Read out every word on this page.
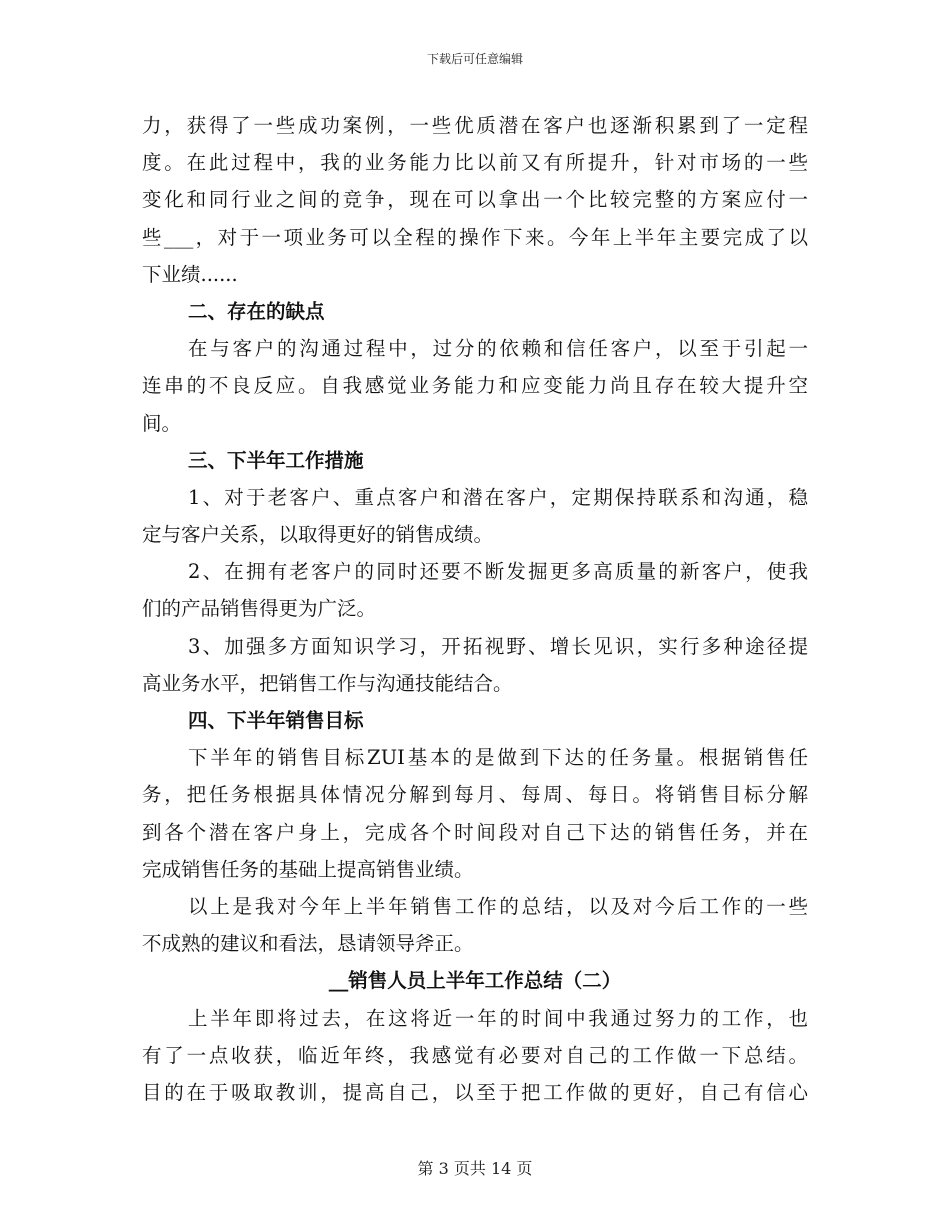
下载后可任意编辑
力，获得了一些成功案例，一些优质潜在客户也逐渐积累到了一定程
度。在此过程中，我的业务能力比以前又有所提升，针对市场的一些
变化和同行业之间的竞争，现在可以拿出一个比较完整的方案应付一
些___，对于一项业务可以全程的操作下来。今年上半年主要完成了以
下业绩......
二、存在的缺点
在与客户的沟通过程中，过分的依赖和信任客户，以至于引起一
连串的不良反应。自我感觉业务能力和应变能力尚且存在较大提升空
间。
三、下半年工作措施
1、对于老客户、重点客户和潜在客户，定期保持联系和沟通，稳
定与客户关系，以取得更好的销售成绩。
2、在拥有老客户的同时还要不断发掘更多高质量的新客户，使我
们的产品销售得更为广泛。
3、加强多方面知识学习，开拓视野、增长见识，实行多种途径提
高业务水平，把销售工作与沟通技能结合。
四、下半年销售目标
下半年的销售目标ZUI基本的是做到下达的任务量。根据销售任
务，把任务根据具体情况分解到每月、每周、每日。将销售目标分解
到各个潜在客户身上，完成各个时间段对自己下达的销售任务，并在
完成销售任务的基础上提高销售业绩。
以上是我对今年上半年销售工作的总结，以及对今后工作的一些
不成熟的建议和看法，恳请领导斧正。
__销售人员上半年工作总结（二）
上半年即将过去，在这将近一年的时间中我通过努力的工作，也
有了一点收获，临近年终，我感觉有必要对自己的工作做一下总结。
目的在于吸取教训，提高自己，以至于把工作做的更好，自己有信心
第 3 页共 14 页
